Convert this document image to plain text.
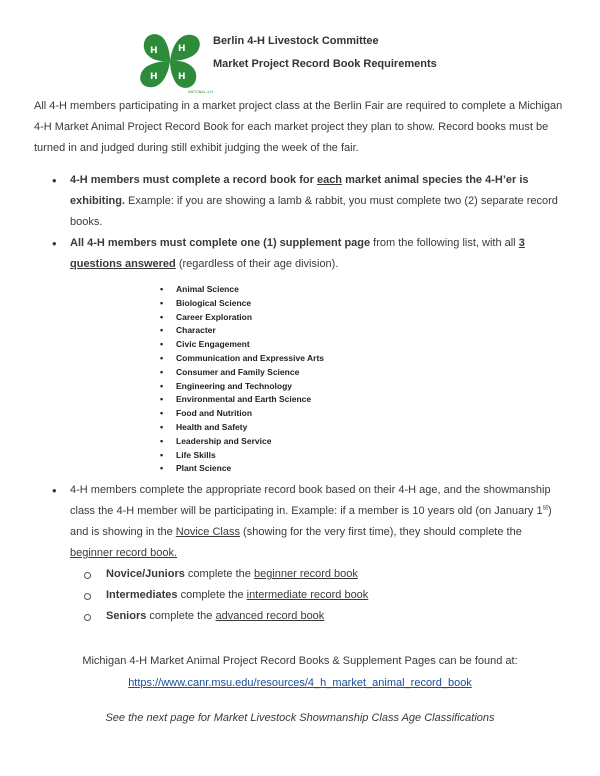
H H
H
H
NATIONAL 4-H
Berlin 4-H Livestock Committee
Market Project Record Book Requirements

All 4-H members participating in a market project class at the Berlin Fair are required to complete a Michigan 4-H Market Animal Project Record Book for each market project they plan to show. Record books must be turned in and judged during still exhibit judging the week of the fair.

• 4-H members must complete a record book for each market animal species the 4-H’er is exhibiting. Example: if you are showing a lamb & rabbit, you must complete two (2) separate record books.
• All 4-H members must complete one (1) supplement page from the following list, with all 3 questions answered (regardless of their age division).
• Animal Science
• Biological Science
• Career Exploration
• Character
• Civic Engagement
• Communication and Expressive Arts
• Consumer and Family Science
• Engineering and Technology
• Environmental and Earth Science
• Food and Nutrition
• Health and Safety
• Leadership and Service
• Life Skills
• Plant Science
• 4-H members complete the appropriate record book based on their 4-H age, and the showmanship class the 4-H member will be participating in. Example: if a member is 10 years old (on January 1st) and is showing in the Novice Class (showing for the very first time), they should complete the beginner record book.
Novice/Juniors complete the beginner record book
Intermediates complete the intermediate record book
Seniors complete the advanced record book
Michigan 4-H Market Animal Project Record Books & Supplement Pages can be found at:
https://www.canr.msu.edu/resources/4_h_market_animal_record_book
See the next page for Market Livestock Showmanship Class Age Classifications
